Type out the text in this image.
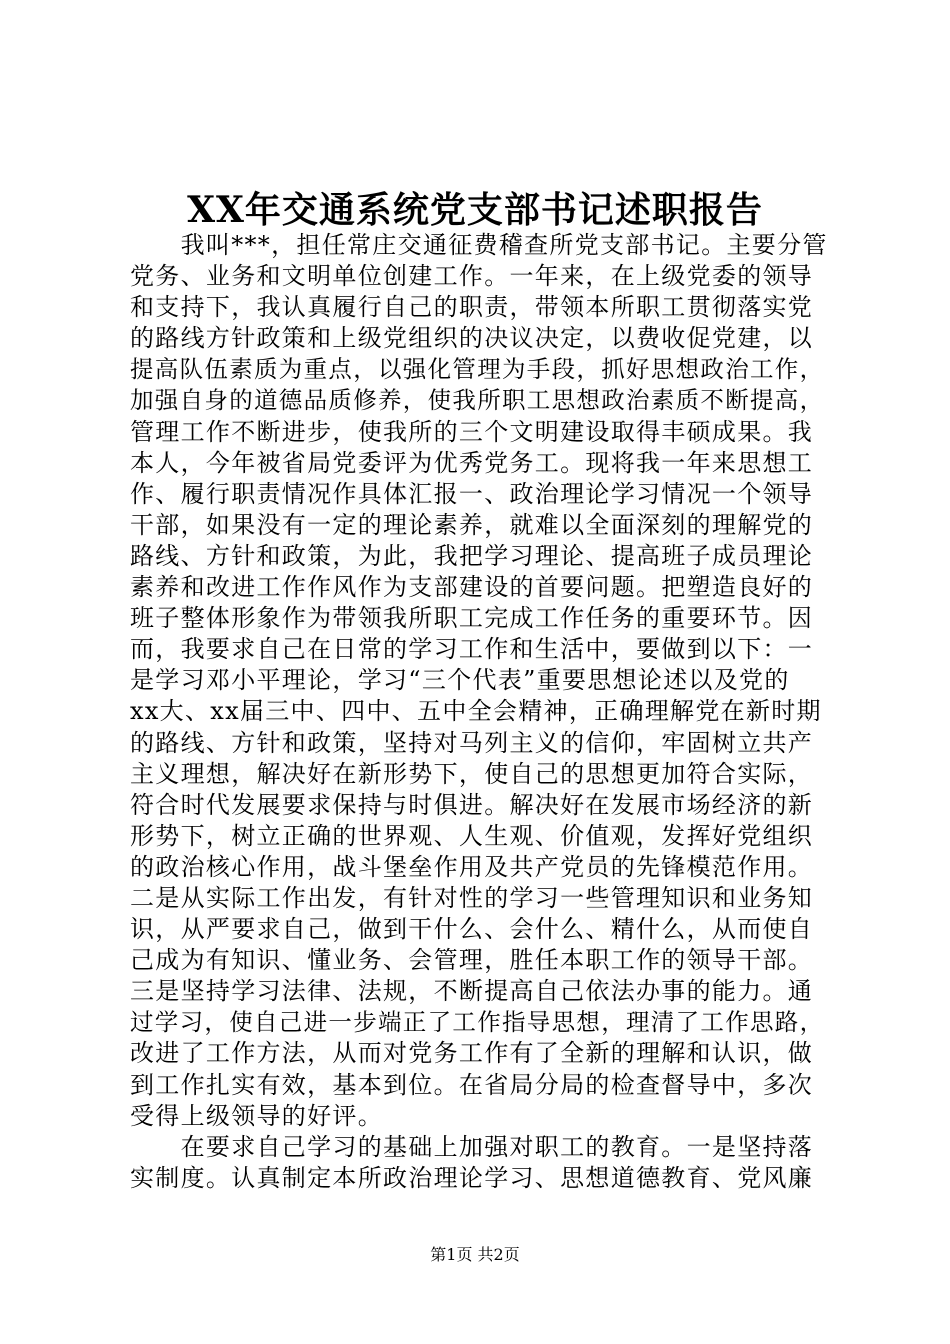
XX年交通系统党支部书记述职报告
　　我叫***，担任常庄交通征费稽查所党支部书记。主要分管
党务、业务和文明单位创建工作。一年来，在上级党委的领导
和支持下，我认真履行自己的职责，带领本所职工贯彻落实党
的路线方针政策和上级党组织的决议决定，以费收促党建，以
提高队伍素质为重点，以强化管理为手段，抓好思想政治工作，
加强自身的道德品质修养，使我所职工思想政治素质不断提高，
管理工作不断进步，使我所的三个文明建设取得丰硕成果。我
本人，今年被省局党委评为优秀党务工。现将我一年来思想工
作、履行职责情况作具体汇报一、政治理论学习情况一个领导
干部，如果没有一定的理论素养，就难以全面深刻的理解党的
路线、方针和政策，为此，我把学习理论、提高班子成员理论
素养和改进工作作风作为支部建设的首要问题。把塑造良好的
班子整体形象作为带领我所职工完成工作任务的重要环节。因
而，我要求自己在日常的学习工作和生活中，要做到以下：一
是学习邓小平理论，学习“三个代表”重要思想论述以及党的
xx大、xx届三中、四中、五中全会精神，正确理解党在新时期
的路线、方针和政策，坚持对马列主义的信仰，牢固树立共产
主义理想，解决好在新形势下，使自己的思想更加符合实际，
符合时代发展要求保持与时俱进。解决好在发展市场经济的新
形势下，树立正确的世界观、人生观、价值观，发挥好党组织
的政治核心作用，战斗堡垒作用及共产党员的先锋模范作用。
二是从实际工作出发，有针对性的学习一些管理知识和业务知
识，从严要求自己，做到干什么、会什么、精什么，从而使自
己成为有知识、懂业务、会管理，胜任本职工作的领导干部。
三是坚持学习法律、法规，不断提高自己依法办事的能力。通
过学习，使自己进一步端正了工作指导思想，理清了工作思路，
改进了工作方法，从而对党务工作有了全新的理解和认识，做
到工作扎实有效，基本到位。在省局分局的检查督导中，多次
受得上级领导的好评。
　　在要求自己学习的基础上加强对职工的教育。一是坚持落
实制度。认真制定本所政治理论学习、思想道德教育、党风廉
第1页 共2页
